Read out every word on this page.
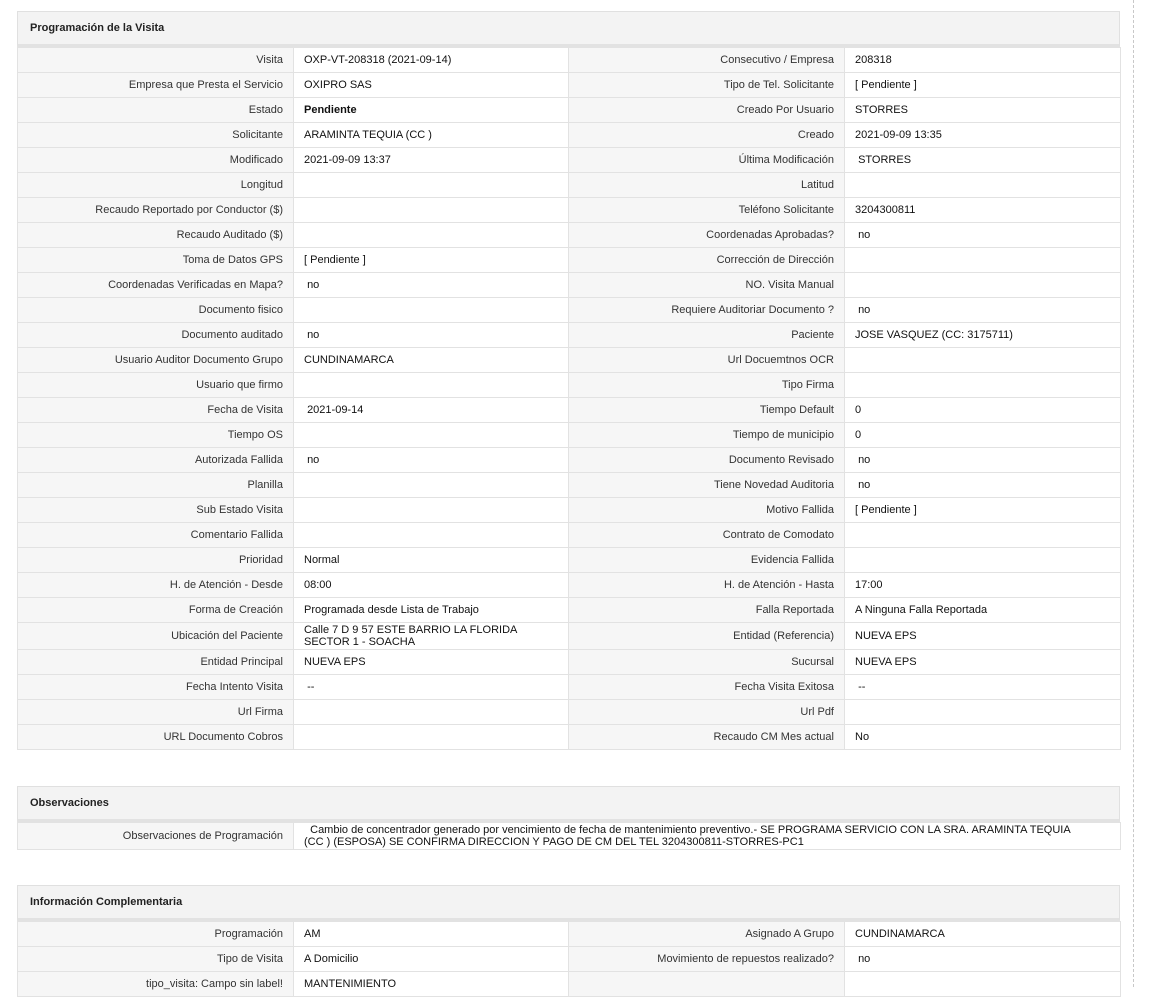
Programación de la Visita
Visita	OXP-VT-208318 (2021-09-14)	Consecutivo / Empresa	208318
Empresa que Presta el Servicio	OXIPRO SAS	Tipo de Tel. Solicitante	[ Pendiente ]
Estado	Pendiente	Creado Por Usuario	STORRES
Solicitante	ARAMINTA TEQUIA (CC )	Creado	2021-09-09 13:35
Modificado	2021-09-09 13:37	Última Modificación	STORRES
Longitud		Latitud	
Recaudo Reportado por Conductor ($)		Teléfono Solicitante	3204300811
Recaudo Auditado ($)		Coordenadas Aprobadas?	no
Toma de Datos GPS	[ Pendiente ]	Corrección de Dirección	
Coordenadas Verificadas en Mapa?	no	NO. Visita Manual	
Documento fisico		Requiere Auditoriar Documento ?	no
Documento auditado	no	Paciente	JOSE VASQUEZ (CC: 3175711)
Usuario Auditor Documento Grupo	CUNDINAMARCA	Url Docuemtnos OCR	
Usuario que firmo		Tipo Firma	
Fecha de Visita	2021-09-14	Tiempo Default	0
Tiempo OS		Tiempo de municipio	0
Autorizada Fallida	no	Documento Revisado	no
Planilla		Tiene Novedad Auditoria	no
Sub Estado Visita		Motivo Fallida	[ Pendiente ]
Comentario Fallida		Contrato de Comodato	
Prioridad	Normal	Evidencia Fallida	
H. de Atención - Desde	08:00	H. de Atención - Hasta	17:00
Forma de Creación	Programada desde Lista de Trabajo	Falla Reportada	A Ninguna Falla Reportada
Ubicación del Paciente	Calle 7 D 9 57 ESTE BARRIO LA FLORIDA SECTOR 1 - SOACHA	Entidad (Referencia)	NUEVA EPS
Entidad Principal	NUEVA EPS	Sucursal	NUEVA EPS
Fecha Intento Visita	--	Fecha Visita Exitosa	--
Url Firma		Url Pdf	
URL Documento Cobros		Recaudo CM Mes actual	No
Observaciones
Observaciones de Programación	Cambio de concentrador generado por vencimiento de fecha de mantenimiento preventivo.- SE PROGRAMA SERVICIO CON LA SRA. ARAMINTA TEQUIA (CC ) (ESPOSA) SE CONFIRMA DIRECCION Y PAGO DE CM DEL TEL 3204300811-STORRES-PC1
Información Complementaria
Programación	AM	Asignado A Grupo	CUNDINAMARCA
Tipo de Visita	A Domicilio	Movimiento de repuestos realizado?	no
tipo_visita: Campo sin label!	MANTENIMIENTO		
